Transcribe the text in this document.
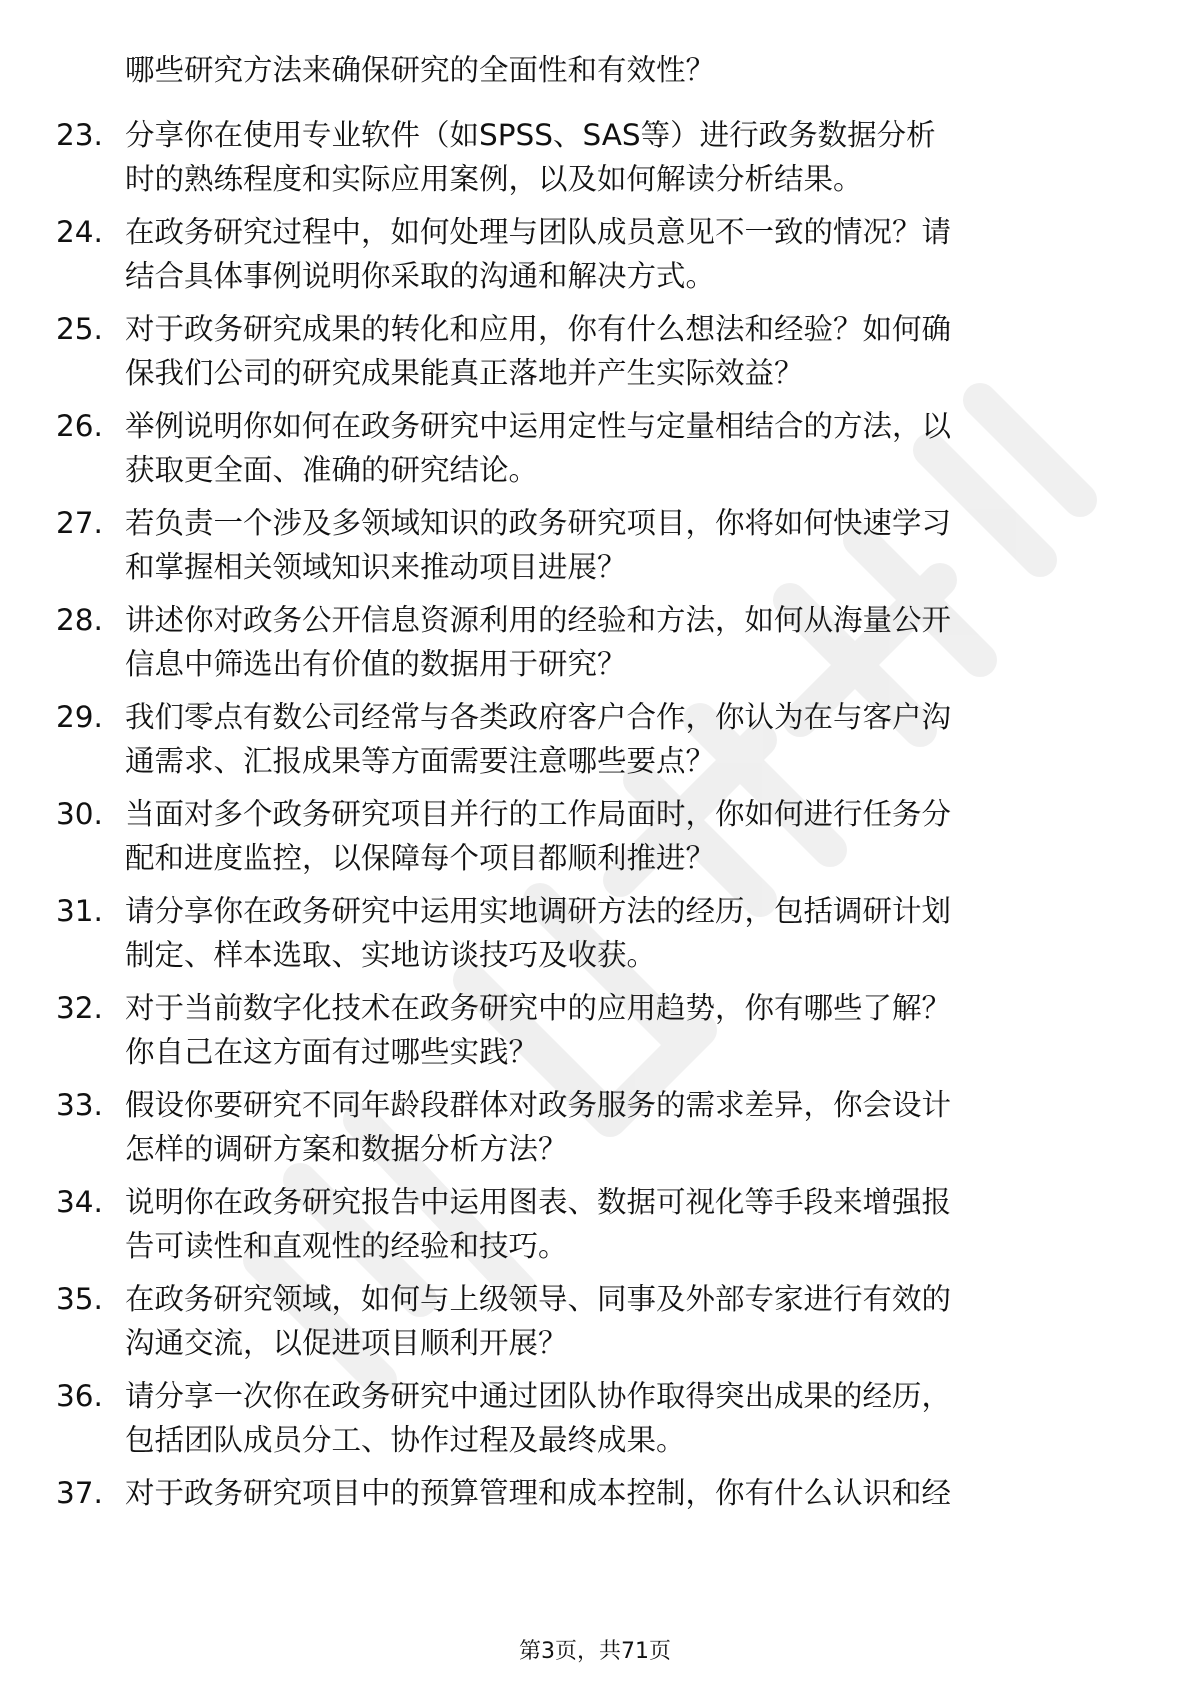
哪些研究方法来确保研究的全面性和有效性？
23. 分享你在使用专业软件（如SPSS、SAS等）进行政务数据分析
时的熟练程度和实际应用案例，以及如何解读分析结果。
24. 在政务研究过程中，如何处理与团队成员意见不一致的情况？请
结合具体事例说明你采取的沟通和解决方式。
25. 对于政务研究成果的转化和应用，你有什么想法和经验？如何确
保我们公司的研究成果能真正落地并产生实际效益？
26. 举例说明你如何在政务研究中运用定性与定量相结合的方法，以
获取更全面、准确的研究结论。
27. 若负责一个涉及多领域知识的政务研究项目，你将如何快速学习
和掌握相关领域知识来推动项目进展？
28. 讲述你对政务公开信息资源利用的经验和方法，如何从海量公开
信息中筛选出有价值的数据用于研究？
29. 我们零点有数公司经常与各类政府客户合作，你认为在与客户沟
通需求、汇报成果等方面需要注意哪些要点？
30. 当面对多个政务研究项目并行的工作局面时，你如何进行任务分
配和进度监控，以保障每个项目都顺利推进？
31. 请分享你在政务研究中运用实地调研方法的经历，包括调研计划
制定、样本选取、实地访谈技巧及收获。
32. 对于当前数字化技术在政务研究中的应用趋势，你有哪些了解？
你自己在这方面有过哪些实践？
33. 假设你要研究不同年龄段群体对政务服务的需求差异，你会设计
怎样的调研方案和数据分析方法？
34. 说明你在政务研究报告中运用图表、数据可视化等手段来增强报
告可读性和直观性的经验和技巧。
35. 在政务研究领域，如何与上级领导、同事及外部专家进行有效的
沟通交流，以促进项目顺利开展？
36. 请分享一次你在政务研究中通过团队协作取得突出成果的经历，
包括团队成员分工、协作过程及最终成果。
37. 对于政务研究项目中的预算管理和成本控制，你有什么认识和经
第3页，共71页
